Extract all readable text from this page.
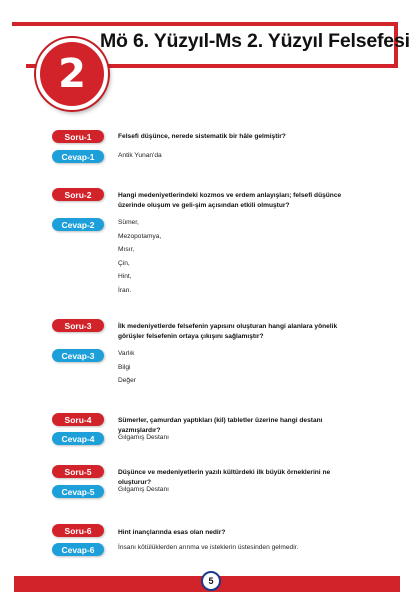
Mö 6. Yüzyıl-Ms 2. Yüzyıl Felsefesi
2
Soru-1	Felsefi düşünce, nerede sistematik bir hâle gelmiştir?
Cevap-1	Antik Yunan'da
Soru-2	Hangi medeniyetlerindeki kozmos ve erdem anlayışları; felsefi düşünce üzerinde oluşum ve geli-şim açısından etkili olmuştur?
Cevap-2	Sümer,
Mezopotamya,
Mısır,
Çin,
Hint,
İran.
Soru-3	İlk medeniyetlerde felsefenin yapısını oluşturan hangi alanlara yönelik görüşler felsefenin ortaya çıkışını sağlamıştır?
Cevap-3	Varlık
Bilgi
Değer
Soru-4	Sümerler, çamurdan yaptıkları (kil) tabletler üzerine hangi destanı yazmışlardır?
Cevap-4	Gılgamış Destanı
Soru-5	Düşünce ve medeniyetlerin yazılı kültürdeki ilk büyük örneklerini ne oluşturur?
Cevap-5	Gılgamış Destanı
Soru-6	Hint inançlarında esas olan nedir?
Cevap-6	İnsanı kötülüklerden arınma ve isteklerin üstesinden gelmedir.
5
